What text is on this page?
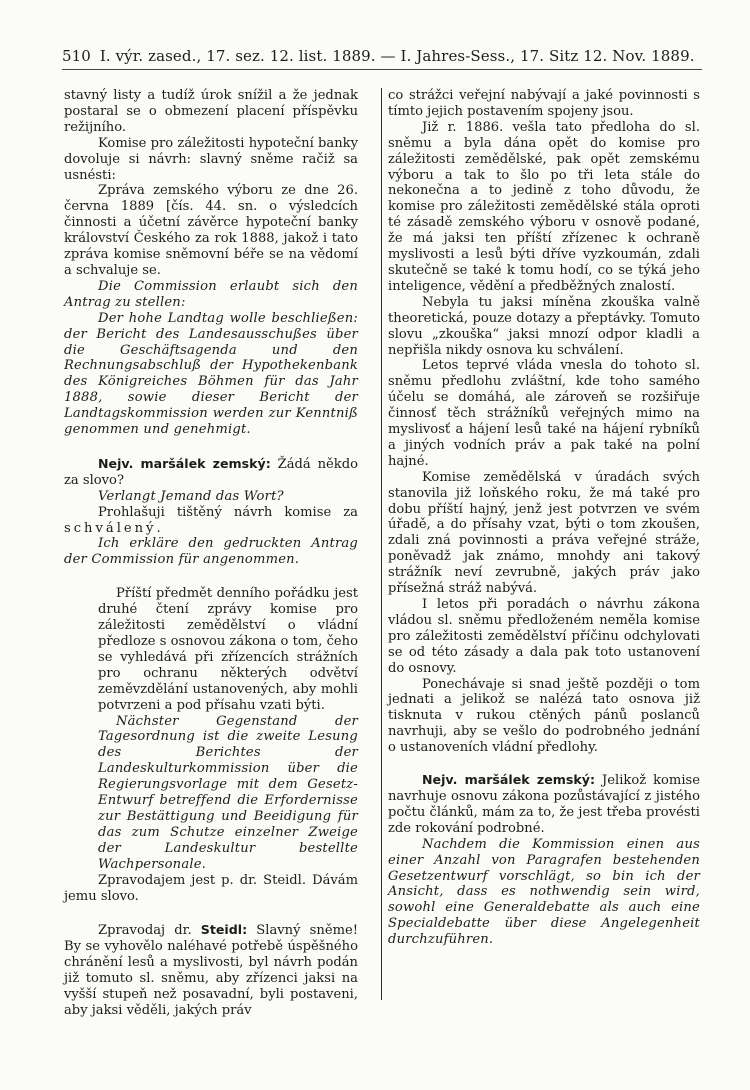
510 I. výr. zased., 17. sez. 12. list. 1889. — I. Jahres-Sess., 17. Sitz 12. Nov. 1889.

stavný listy a tudíž úrok snížil a že jednak postaral se o obmezení placení příspěvku režijního.

Komise pro záležitosti hypoteční banky dovoluje si návrh: slavný sněme račiž sa usnésti:

Zpráva zemského výboru ze dne 26. června 1889 [čís. 44. sn. o výsledcích činnosti a účetní závěrce hypoteční banky království Českého za rok 1888, jakož i tato zpráva komise sněmovní béře se na vědomí a schvaluje se.

Die Commission erlaubt sich den Antrag zu stellen:

Der hohe Landtag wolle beschließen: der Bericht des Landesausschußes über die Geschäftsagenda und den Rechnungsabschluß der Hypothekenbank des Königreiches Böhmen für das Jahr 1888, sowie dieser Bericht der Landtagskommission werden zur Kenntniß genommen und genehmigt.

Nejv. maršálek zemský: Žádá někdo za slovo?

Verlangt Jemand das Wort?

Prohlašuji tištěný návrh komise za schválený.

Ich erkläre den gedruckten Antrag der Commission für angenommen.

Příští předmět denního pořádku jest druhé čtení zprávy komise pro záležitosti zemědělství o vládní předloze s osnovou zákona o tom, čeho se vyhledává při zřízencích strážních pro ochranu některých odvětví zeměvzdělání ustanovených, aby mohli potvrzeni a pod přísahu vzati býti.

Nächster Gegenstand der Tagesordnung ist die zweite Lesung des Berichtes der Landeskulturkommission über die Regierungsvorlage mit dem Gesetz-Entwurf betreffend die Erfordernisse zur Bestättigung und Beeidigung für das zum Schutze einzelner Zweige der Landeskultur bestellte Wachpersonale.

Zpravodajem jest p. dr. Steidl. Dávám jemu slovo.

Zpravodaj dr. Steidl: Slavný sněme! By se vyhovělo naléhavé potřebě úspěšného chránění lesů a myslivosti, byl návrh podán již tomuto sl. sněmu, aby zřízenci jaksi na vyšší stupeň než posavadní, byli postaveni, aby jaksi věděli, jakých práv

co strážci veřejní nabývají a jaké povinnosti s tímto jejich postavením spojeny jsou.

Již r. 1886. vešla tato předloha do sl. sněmu a byla dána opět do komise pro záležitosti zemědělské, pak opět zemskému výboru a tak to šlo po tři leta stále do nekonečna a to jedině z toho důvodu, že komise pro záležitosti zemědělské stála oproti té zásadě zemského výboru v osnově podané, že má jaksi ten příští zřízenec k ochraně myslivosti a lesů býti dříve vyzkoumán, zdali skutečně se také k tomu hodí, co se týká jeho inteligence, vědění a předběžných znalostí.

Nebyla tu jaksi míněna zkouška valně theoretická, pouze dotazy a přeptávky. Tomuto slovu „zkouška“ jaksi mnozí odpor kladli a nepřišla nikdy osnova ku schválení.

Letos teprvé vláda vnesla do tohoto sl. sněmu předlohu zvláštní, kde toho samého účelu se domáhá, ale zároveň se rozšiřuje činnosť těch strážníků veřejných mimo na myslivosť a hájení lesů také na hájení rybníků a jiných vodních práv a pak také na polní hajné.

Komise zemědělská v úradách svých stanovila již loňského roku, že má také pro dobu příští hajný, jenž jest potvrzen ve svém úřadě, a do přísahy vzat, býti o tom zkoušen, zdali zná povinnosti a práva veřejné stráže, poněvadž jak známo, mnohdy ani takový strážník neví zevrubně, jakých práv jako přísežná stráž nabývá.

I letos při poradách o návrhu zákona vládou sl. sněmu předloženém neměla komise pro záležitosti zemědělství příčinu odchylovati se od této zásady a dala pak toto ustanovení do osnovy.

Ponechávaje si snad ještě později o tom jednati a jelikož se nalézá tato osnova již tisknuta v rukou ctěných pánů poslanců navrhuji, aby se vešlo do podrobného jednání o ustanoveních vládní předlohy.

Nejv. maršálek zemský: Jelikož komise navrhuje osnovu zákona pozůstávající z jistého počtu článků, mám za to, že jest třeba provésti zde rokování podrobné.

Nachdem die Kommission einen aus einer Anzahl von Paragrafen bestehenden Gesetzentwurf vorschlägt, so bin ich der Ansicht, dass es nothwendig sein wird, sowohl eine Generaldebatte als auch eine Specialdebatte über diese Angelegenheit durchzuführen.
